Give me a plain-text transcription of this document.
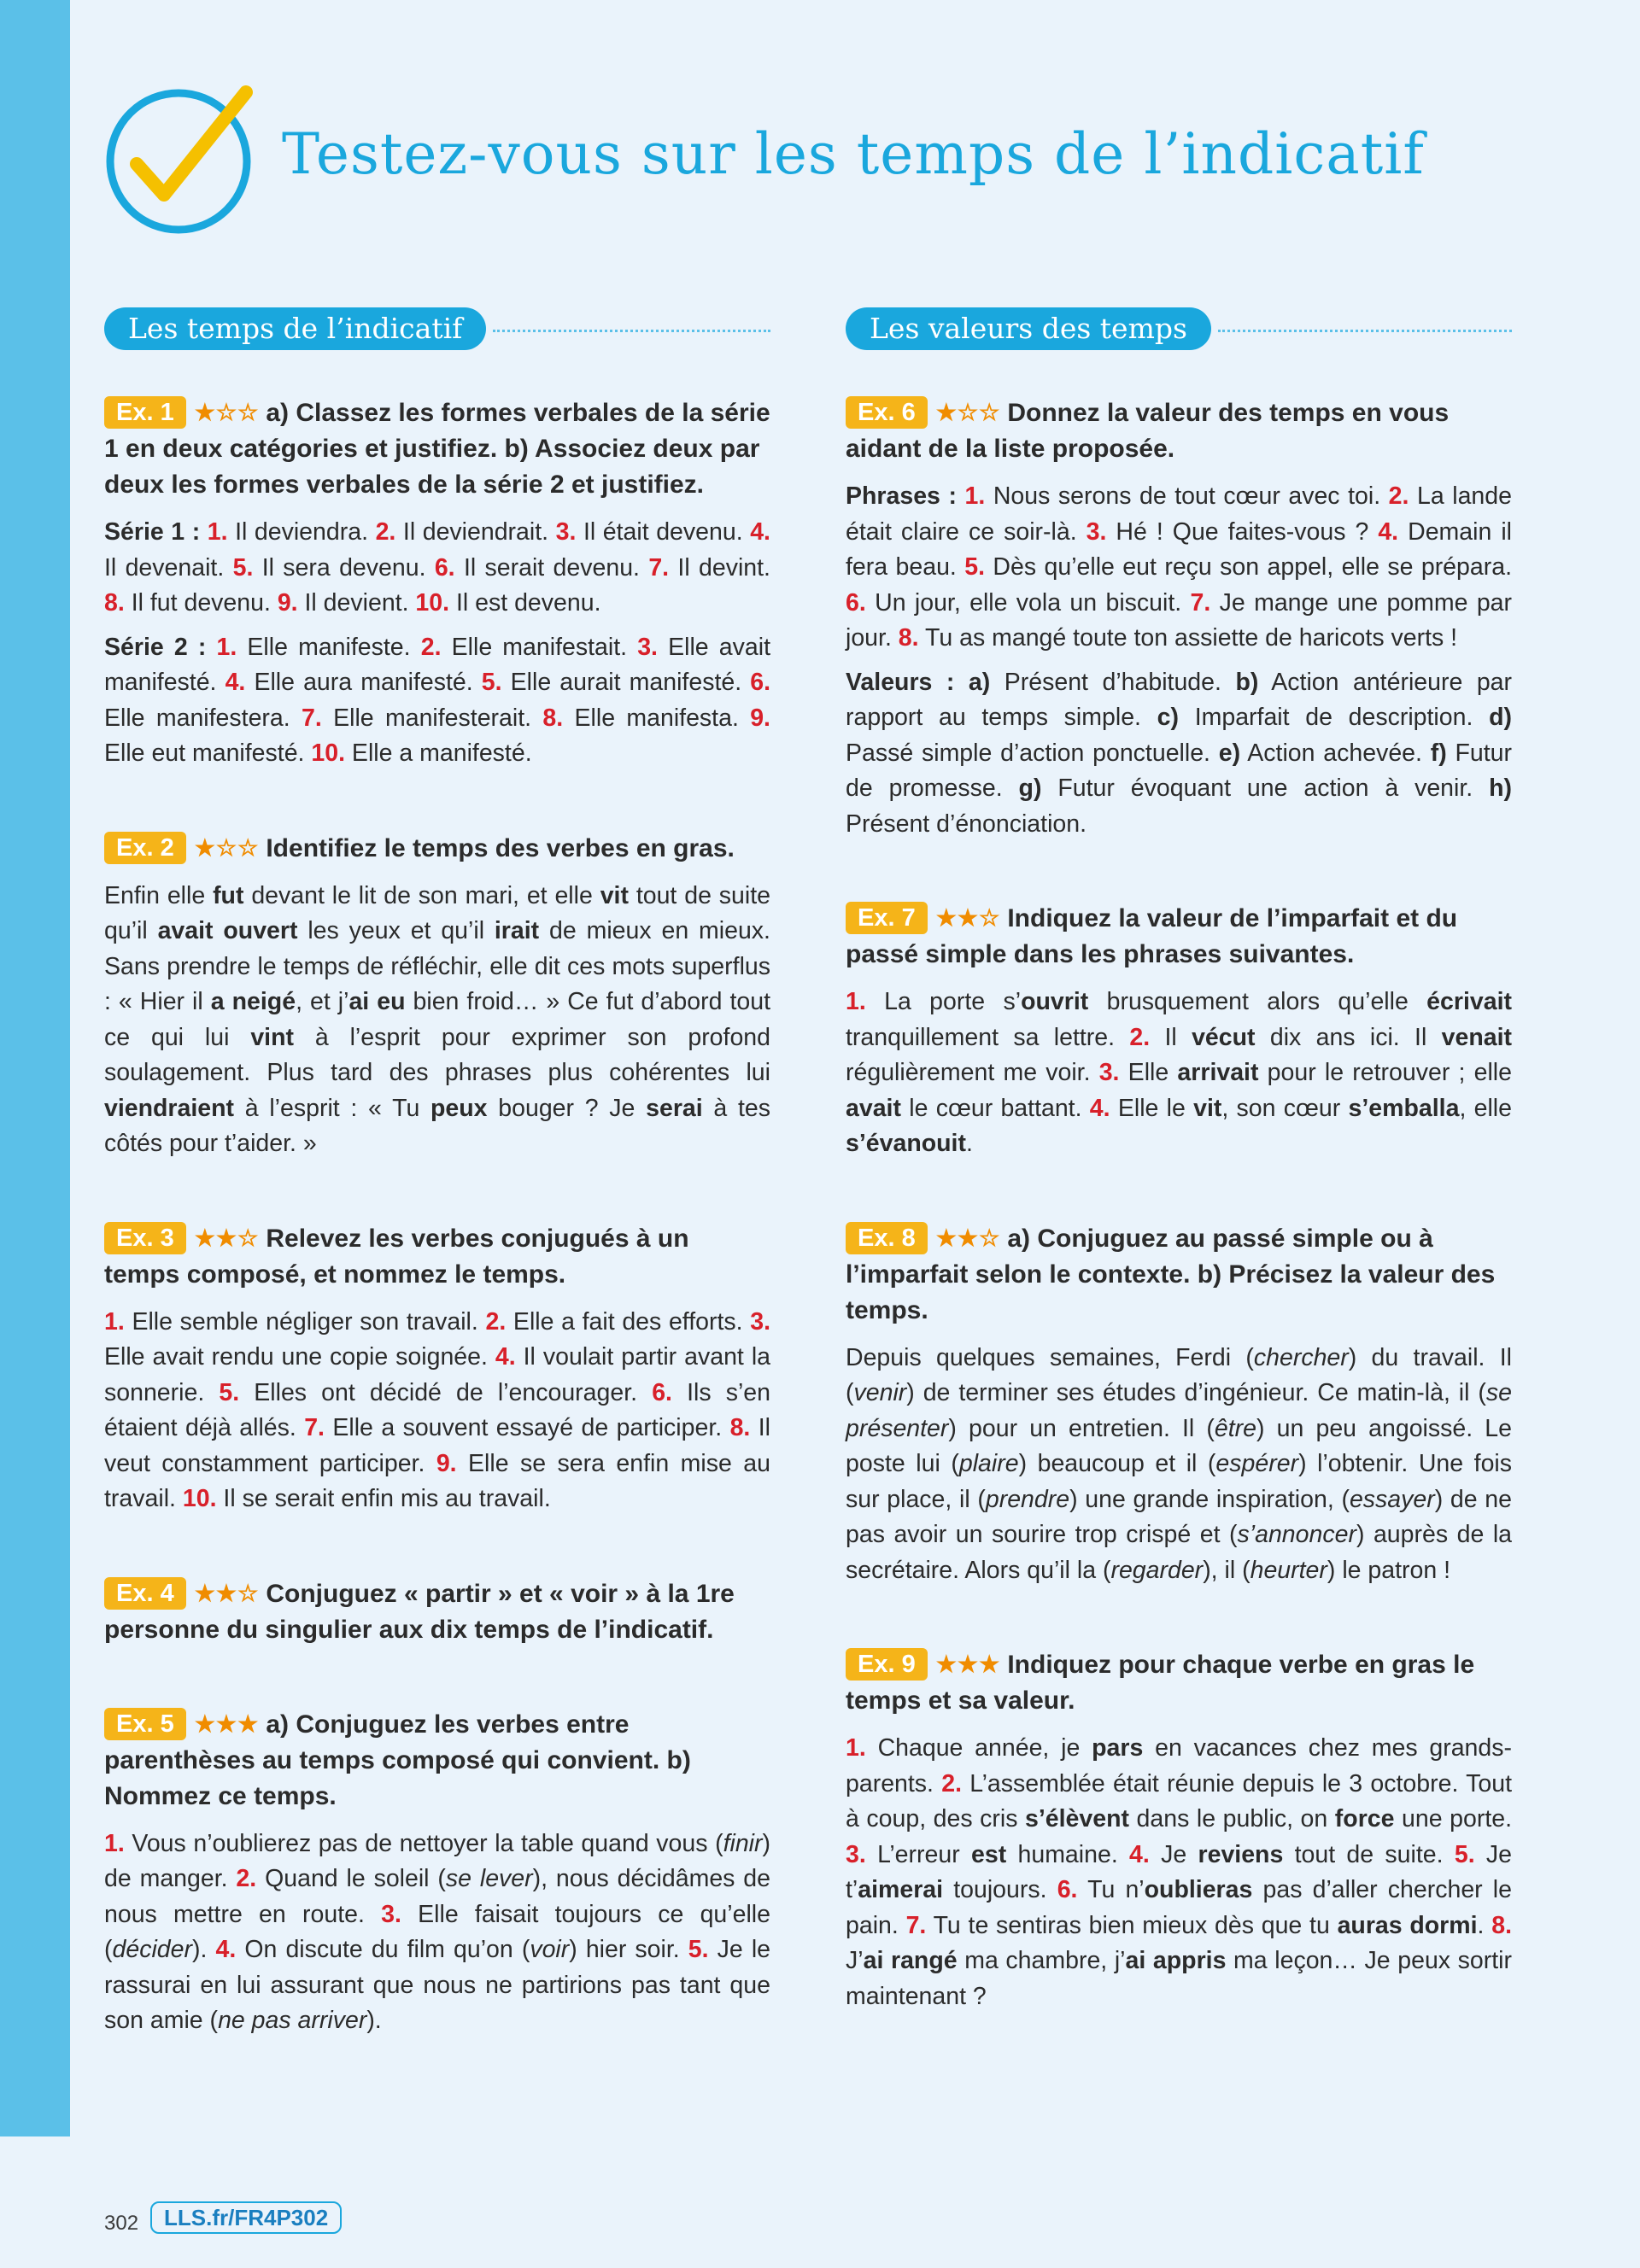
Testez-vous sur les temps de l’indicatif
Les temps de l’indicatif
Ex. 1 ★☆☆ a) Classez les formes verbales de la série 1 en deux catégories et justifiez. b) Associez deux par deux les formes verbales de la série 2 et justifiez.

Série 1 : 1. Il deviendra. 2. Il deviendrait. 3. Il était devenu. 4. Il devenait. 5. Il sera devenu. 6. Il serait devenu. 7. Il devint. 8. Il fut devenu. 9. Il devient. 10. Il est devenu.

Série 2 : 1. Elle manifeste. 2. Elle manifestait. 3. Elle avait manifesté. 4. Elle aura manifesté. 5. Elle aurait manifesté. 6. Elle manifestera. 7. Elle manifesterait. 8. Elle manifesta. 9. Elle eut manifesté. 10. Elle a manifesté.

Ex. 2 ★☆☆ Identifiez le temps des verbes en gras.

Enfin elle fut devant le lit de son mari, et elle vit tout de suite qu’il avait ouvert les yeux et qu’il irait de mieux en mieux. Sans prendre le temps de réfléchir, elle dit ces mots superflus : « Hier il a neigé, et j’ai eu bien froid… » Ce fut d’abord tout ce qui lui vint à l’esprit pour exprimer son profond soulagement. Plus tard des phrases plus cohérentes lui viendraient à l’esprit : « Tu peux bouger ? Je serai à tes côtés pour t’aider. »

Ex. 3 ★★☆ Relevez les verbes conjugués à un temps composé, et nommez le temps.

1. Elle semble négliger son travail. 2. Elle a fait des efforts. 3. Elle avait rendu une copie soignée. 4. Il voulait partir avant la sonnerie. 5. Elles ont décidé de l’encourager. 6. Ils s’en étaient déjà allés. 7. Elle a souvent essayé de participer. 8. Il veut constamment participer. 9. Elle se sera enfin mise au travail. 10. Il se serait enfin mis au travail.

Ex. 4 ★★☆ Conjuguez « partir » et « voir » à la 1re personne du singulier aux dix temps de l’indicatif.
Ex. 5 ★★★ a) Conjuguez les verbes entre parenthèses au temps composé qui convient. b) Nommez ce temps.

1. Vous n’oublierez pas de nettoyer la table quand vous (finir) de manger. 2. Quand le soleil (se lever), nous décidâmes de nous mettre en route. 3. Elle faisait toujours ce qu’elle (décider). 4. On discute du film qu’on (voir) hier soir. 5. Je le rassurai en lui assurant que nous ne partirions pas tant que son amie (ne pas arriver).

Les valeurs des temps
Ex. 6 ★☆☆ Donnez la valeur des temps en vous aidant de la liste proposée.

Phrases : 1. Nous serons de tout cœur avec toi. 2. La lande était claire ce soir-là. 3. Hé ! Que faites-vous ? 4. Demain il fera beau. 5. Dès qu’elle eut reçu son appel, elle se prépara. 6. Un jour, elle vola un biscuit. 7. Je mange une pomme par jour. 8. Tu as mangé toute ton assiette de haricots verts !

Valeurs : a) Présent d’habitude. b) Action antérieure par rapport au temps simple. c) Imparfait de description. d) Passé simple d’action ponctuelle. e) Action achevée. f) Futur de promesse. g) Futur évoquant une action à venir. h) Présent d’énonciation.

Ex. 7 ★★☆ Indiquez la valeur de l’imparfait et du passé simple dans les phrases suivantes.

1. La porte s’ouvrit brusquement alors qu’elle écrivait tranquillement sa lettre. 2. Il vécut dix ans ici. Il venait régulièrement me voir. 3. Elle arrivait pour le retrouver ; elle avait le cœur battant. 4. Elle le vit, son cœur s’emballa, elle s’évanouit.

Ex. 8 ★★☆ a) Conjuguez au passé simple ou à l’imparfait selon le contexte. b) Précisez la valeur des temps.

Depuis quelques semaines, Ferdi (chercher) du travail. Il (venir) de terminer ses études d’ingénieur. Ce matin-là, il (se présenter) pour un entretien. Il (être) un peu angoissé. Le poste lui (plaire) beaucoup et il (espérer) l’obtenir. Une fois sur place, il (prendre) une grande inspiration, (essayer) de ne pas avoir un sourire trop crispé et (s’annoncer) auprès de la secrétaire. Alors qu’il la (regarder), il (heurter) le patron !

Ex. 9 ★★★ Indiquez pour chaque verbe en gras le temps et sa valeur.

1. Chaque année, je pars en vacances chez mes grands-parents. 2. L’assemblée était réunie depuis le 3 octobre. Tout à coup, des cris s’élèvent dans le public, on force une porte. 3. L’erreur est humaine. 4. Je reviens tout de suite. 5. Je t’aimerai toujours. 6. Tu n’oublieras pas d’aller chercher le pain. 7. Tu te sentiras bien mieux dès que tu auras dormi. 8. J’ai rangé ma chambre, j’ai appris ma leçon… Je peux sortir maintenant ?

302	LLS.fr/FR4P302
